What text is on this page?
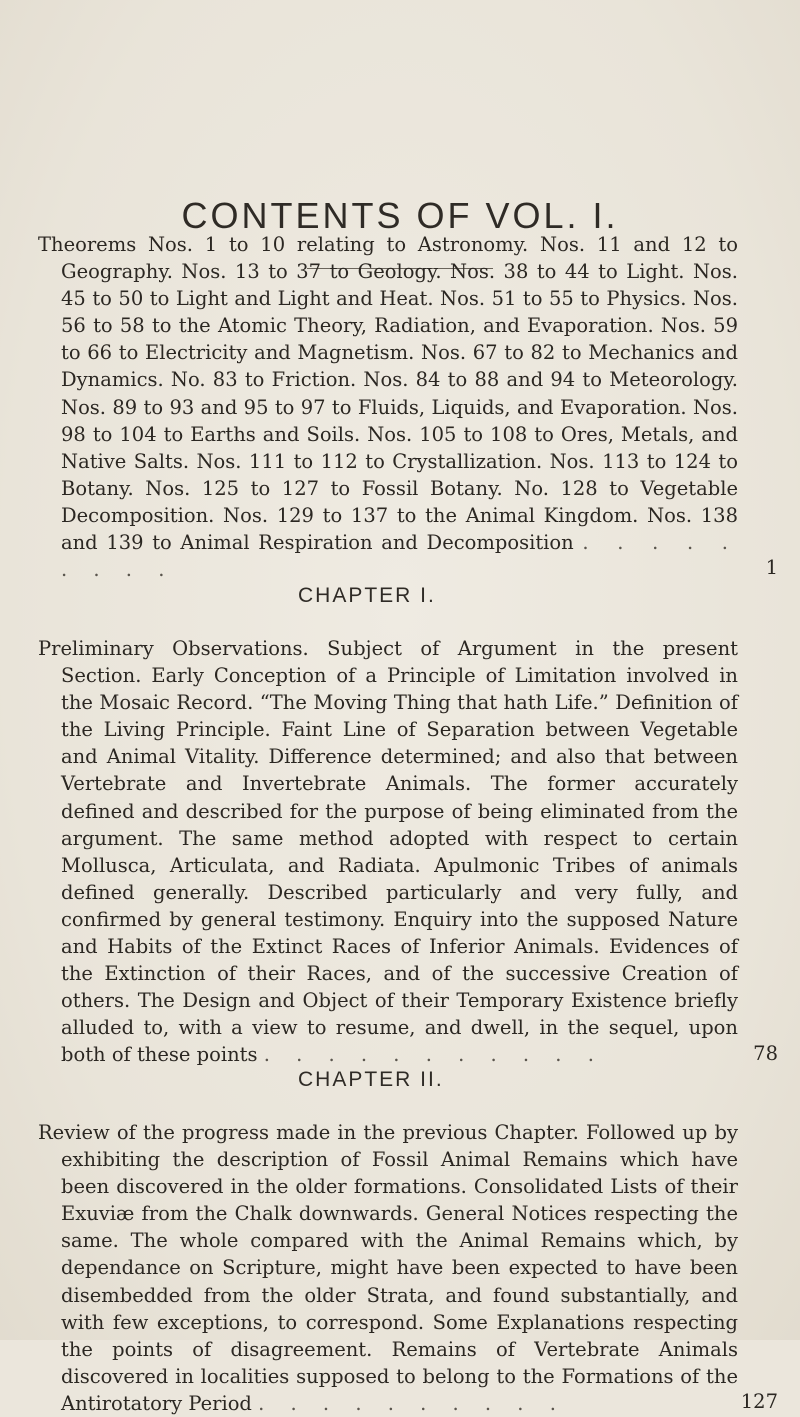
CONTENTS OF VOL. I.

Theorems Nos. 1 to 10 relating to Astronomy. Nos. 11 and 12 to Geography. Nos. 13 to 37 to Geology. Nos. 38 to 44 to Light. Nos. 45 to 50 to Light and Light and Heat. Nos. 51 to 55 to Physics. Nos. 56 to 58 to the Atomic Theory, Radiation, and Evaporation. Nos. 59 to 66 to Electricity and Magnetism. Nos. 67 to 82 to Mechanics and Dynamics. No. 83 to Friction. Nos. 84 to 88 and 94 to Meteorology. Nos. 89 to 93 and 95 to 97 to Fluids, Liquids, and Evaporation. Nos. 98 to 104 to Earths and Soils. Nos. 105 to 108 to Ores, Metals, and Native Salts. Nos. 111 to 112 to Crystallization. Nos. 113 to 124 to Botany. Nos. 125 to 127 to Fossil Botany. No. 128 to Vegetable Decomposition. Nos. 129 to 137 to the Animal Kingdom. Nos. 138 and 139 to Animal Respiration and Decomposition . . . . . . . . .	1
CHAPTER I.

Preliminary Observations. Subject of Argument in the present Section. Early Conception of a Principle of Limitation involved in the Mosaic Record. “The Moving Thing that hath Life.” Definition of the Living Principle. Faint Line of Separation between Vegetable and Animal Vitality. Difference determined; and also that between Vertebrate and Invertebrate Animals. The former accurately defined and described for the purpose of being eliminated from the argument. The same method adopted with respect to certain Mollusca, Articulata, and Radiata. Apulmonic Tribes of animals defined generally. Described particularly and very fully, and confirmed by general testimony. Enquiry into the supposed Nature and Habits of the Extinct Races of Inferior Animals. Evidences of the Extinction of their Races, and of the successive Creation of others. The Design and Object of their Temporary Existence briefly alluded to, with a view to resume, and dwell, in the sequel, upon both of these points . . . . . . . . . . .	78
CHAPTER II.

Review of the progress made in the previous Chapter. Followed up by exhibiting the description of Fossil Animal Remains which have been discovered in the older formations. Consolidated Lists of their Exuviæ from the Chalk downwards. General Notices respecting the same. The whole compared with the Animal Remains which, by dependance on Scripture, might have been expected to have been disembedded from the older Strata, and found substantially, and with few exceptions, to correspond. Some Explanations respecting the points of disagreement. Remains of Vertebrate Animals discovered in localities supposed to belong to the Formations of the Antirotatory Period . . . . . . . . . .	127
